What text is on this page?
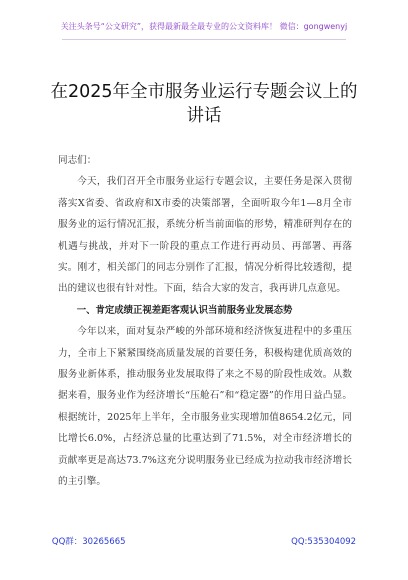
关注头条号“公文研究”，获得最新最全最专业的公文资料库！ 微信：gongwenyj
在2025年全市服务业运行专题会议上的讲话

同志们：

今天，我们召开全市服务业运行专题会议，主要任务是深入贯彻落实X省委、省政府和X市委的决策部署，全面听取今年1—8月全市服务业的运行情况汇报，系统分析当前面临的形势，精准研判存在的机遇与挑战，并对下一阶段的重点工作进行再动员、再部署、再落实。刚才，相关部门的同志分别作了汇报，情况分析得比较透彻，提出的建议也很有针对性。下面，结合大家的发言，我再讲几点意见。

一、肯定成绩正视差距客观认识当前服务业发展态势

今年以来，面对复杂严峻的外部环境和经济恢复进程中的多重压力，全市上下紧紧围绕高质量发展的首要任务，积极构建优质高效的服务业新体系，推动服务业发展取得了来之不易的阶段性成效。从数据来看，服务业作为经济增长“压舱石”和“稳定器”的作用日益凸显。根据统计，2025年上半年，全市服务业实现增加值8654.2亿元，同比增长6.0%，占经济总量的比重达到了71.5%，对全市经济增长的贡献率更是高达73.7%这充分说明服务业已经成为拉动我市经济增长的主引擎。

QQ群：30265665	QQ:535304092
